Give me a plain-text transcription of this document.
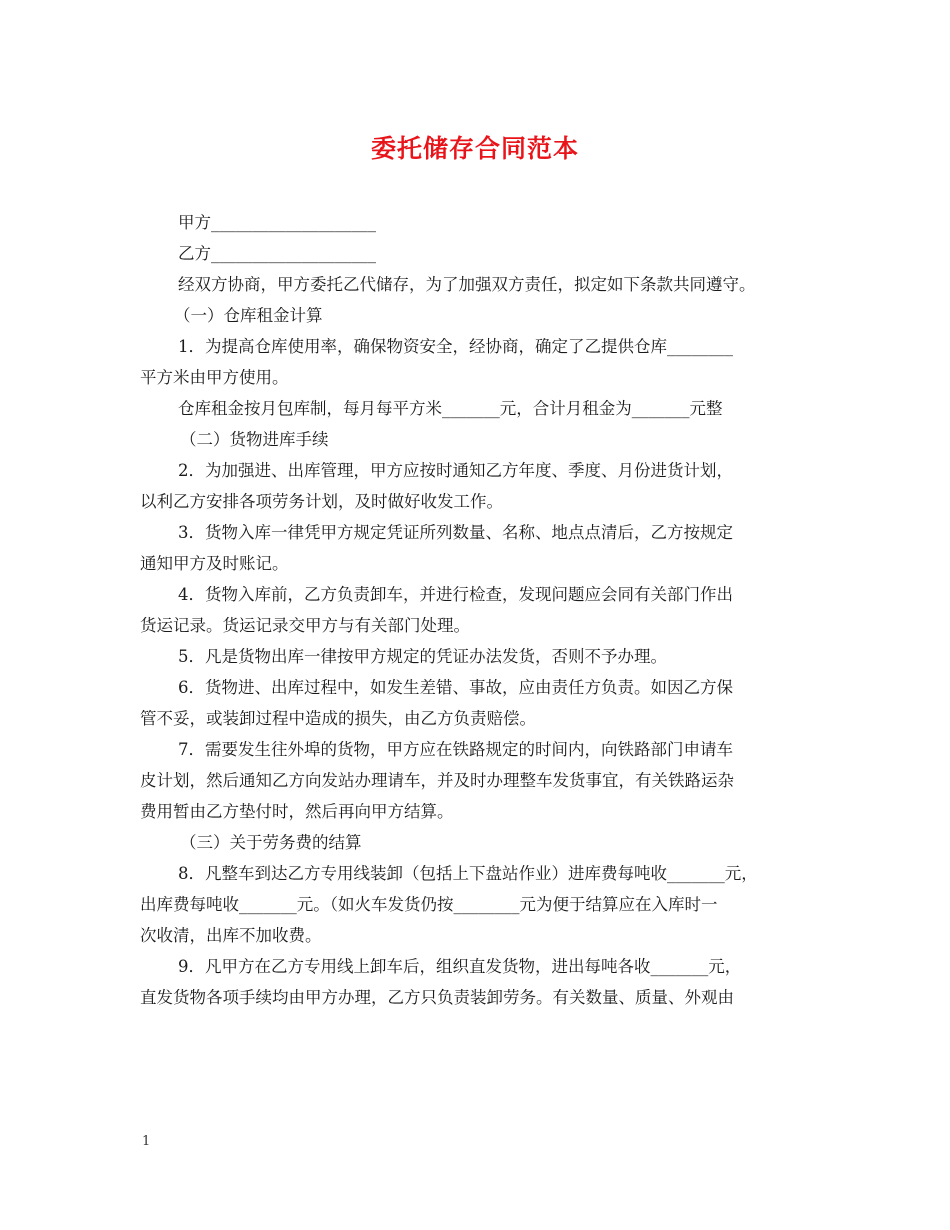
委托储存合同范本
甲方____________________
乙方____________________
经双方协商，甲方委托乙代储存，为了加强双方责任，拟定如下条款共同遵守。
（一）仓库租金计算
1．为提高仓库使用率，确保物资安全，经协商，确定了乙提供仓库________
平方米由甲方使用。
仓库租金按月包库制，每月每平方米_______元，合计月租金为_______元整
（二）货物进库手续
2．为加强进、出库管理，甲方应按时通知乙方年度、季度、月份进货计划，
以利乙方安排各项劳务计划，及时做好收发工作。
3．货物入库一律凭甲方规定凭证所列数量、名称、地点点清后，乙方按规定
通知甲方及时账记。
4．货物入库前，乙方负责卸车，并进行检查，发现问题应会同有关部门作出
货运记录。货运记录交甲方与有关部门处理。
5．凡是货物出库一律按甲方规定的凭证办法发货，否则不予办理。
6．货物进、出库过程中，如发生差错、事故，应由责任方负责。如因乙方保
管不妥，或装卸过程中造成的损失，由乙方负责赔偿。
7．需要发生往外埠的货物，甲方应在铁路规定的时间内，向铁路部门申请车
皮计划，然后通知乙方向发站办理请车，并及时办理整车发货事宜，有关铁路运杂
费用暂由乙方垫付时，然后再向甲方结算。
（三）关于劳务费的结算
8．凡整车到达乙方专用线装卸（包括上下盘站作业）进库费每吨收_______元，
出库费每吨收_______元。（如火车发货仍按________元为便于结算应在入库时一
次收清，出库不加收费。
9．凡甲方在乙方专用线上卸车后，组织直发货物，进出每吨各收_______元，
直发货物各项手续均由甲方办理，乙方只负责装卸劳务。有关数量、质量、外观由
1
